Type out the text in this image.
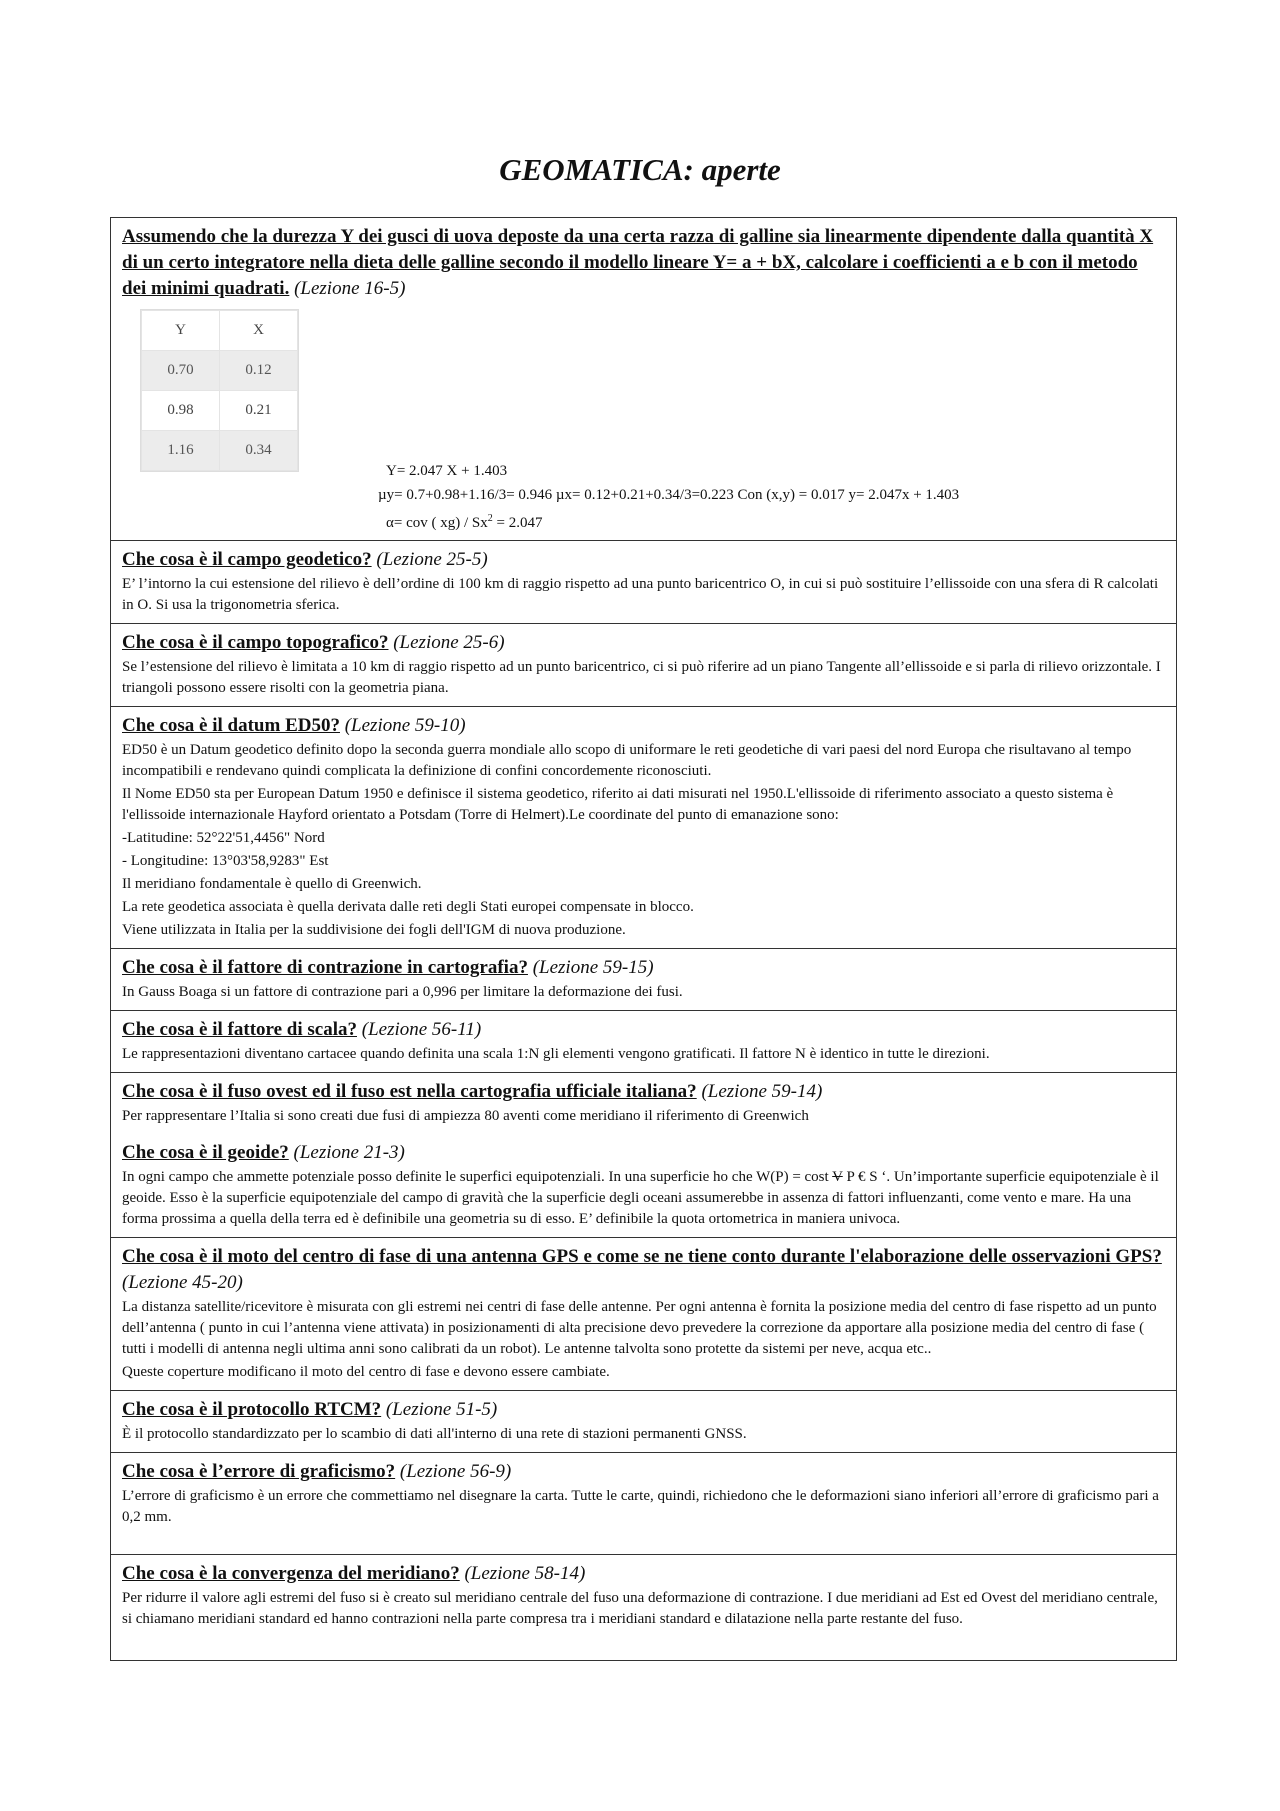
GEOMATICA: aperte
Assumendo che la durezza Y dei gusci di uova deposte da una certa razza di galline sia linearmente dipendente dalla quantità X di un certo integratore nella dieta delle galline secondo il modello lineare Y= a + bX, calcolare i coefficienti a e b con il metodo dei minimi quadrati. (Lezione 16-5)
Y	X
0.70	0.12
0.98	0.21
1.16	0.34
Y= 2.047 X + 1.403
µy= 0.7+0.98+1.16/3= 0.946 µx= 0.12+0.21+0.34/3=0.223 Con (x,y) = 0.017 y= 2.047x + 1.403
α= cov ( $xg) / Sx^2 = 2.047$
Che cosa è il campo geodetico? (Lezione 25-5)

E’ l’intorno la cui estensione del rilievo è dell’ordine di 100 km di raggio rispetto ad una punto baricentrico O, in cui si può sostituire l’ellissoide con una sfera di R calcolati in O. Si usa la trigonometria sferica.

Che cosa è il campo topografico? (Lezione 25-6)

Se l’estensione del rilievo è limitata a 10 km di raggio rispetto ad un punto baricentrico, ci si può riferire ad un piano Tangente all’ellissoide e si parla di rilievo orizzontale. I triangoli possono essere risolti con la geometria piana.

Che cosa è il datum ED50? (Lezione 59-10)

ED50 è un Datum geodetico definito dopo la seconda guerra mondiale allo scopo di uniformare le reti geodetiche di vari paesi del nord Europa che risultavano al tempo incompatibili e rendevano quindi complicata la definizione di confini concordemente riconosciuti.

Il Nome ED50 sta per European Datum 1950 e definisce il sistema geodetico, riferito ai dati misurati nel 1950.L'ellissoide di riferimento associato a questo sistema è l'ellissoide internazionale Hayford orientato a Potsdam (Torre di Helmert).Le coordinate del punto di emanazione sono:

-Latitudine: 52°22'51,4456" Nord

- Longitudine: 13°03'58,9283" Est

Il meridiano fondamentale è quello di Greenwich.

La rete geodetica associata è quella derivata dalle reti degli Stati europei compensate in blocco.

Viene utilizzata in Italia per la suddivisione dei fogli dell'IGM di nuova produzione.

Che cosa è il fattore di contrazione in cartografia? (Lezione 59-15)

In Gauss Boaga si un fattore di contrazione pari a 0,996 per limitare la deformazione dei fusi.

Che cosa è il fattore di scala? (Lezione 56-11)

Le rappresentazioni diventano cartacee quando definita una scala 1:N gli elementi vengono gratificati. Il fattore N è identico in tutte le direzioni.

Che cosa è il fuso ovest ed il fuso est nella cartografia ufficiale italiana? (Lezione 59-14)

Per rappresentare l’Italia si sono creati due fusi di ampiezza 80 aventi come meridiano il riferimento di Greenwich

Che cosa è il geoide? (Lezione 21-3)

In ogni campo che ammette potenziale posso definite le superfici equipotenziali. In una superficie ho che W(P) = cost V P € S ‘. Un’importante superficie equipotenziale è il geoide. Esso è la superficie equipotenziale del campo di gravità che la superficie degli oceani assumerebbe in assenza di fattori influenzanti, come vento e mare. Ha una forma prossima a quella della terra ed è definibile una geometria su di esso. E’ definibile la quota ortometrica in maniera univoca.

Che cosa è il moto del centro di fase di una antenna GPS e come se ne tiene conto durante l'elaborazione delle osservazioni GPS? (Lezione 45-20)

La distanza satellite/ricevitore è misurata con gli estremi nei centri di fase delle antenne. Per ogni antenna è fornita la posizione media del centro di fase rispetto ad un punto dell’antenna ( punto in cui l’antenna viene attivata) in posizionamenti di alta precisione devo prevedere la correzione da apportare alla posizione media del centro di fase ( tutti i modelli di antenna negli ultima anni sono calibrati da un robot). Le antenne talvolta sono protette da sistemi per neve, acqua etc..

Queste coperture modificano il moto del centro di fase e devono essere cambiate.

Che cosa è il protocollo RTCM? (Lezione 51-5)

È il protocollo standardizzato per lo scambio di dati all'interno di una rete di stazioni permanenti GNSS.

Che cosa è l’errore di graficismo? (Lezione 56-9)

L’errore di graficismo è un errore che commettiamo nel disegnare la carta. Tutte le carte, quindi, richiedono che le deformazioni siano inferiori all’errore di graficismo pari a 0,2 mm.

Che cosa è la convergenza del meridiano? (Lezione 58-14)

Per ridurre il valore agli estremi del fuso si è creato sul meridiano centrale del fuso una deformazione di contrazione. I due meridiani ad Est ed Ovest del meridiano centrale, si chiamano meridiani standard ed hanno contrazioni nella parte compresa tra i meridiani standard e dilatazione nella parte restante del fuso.
